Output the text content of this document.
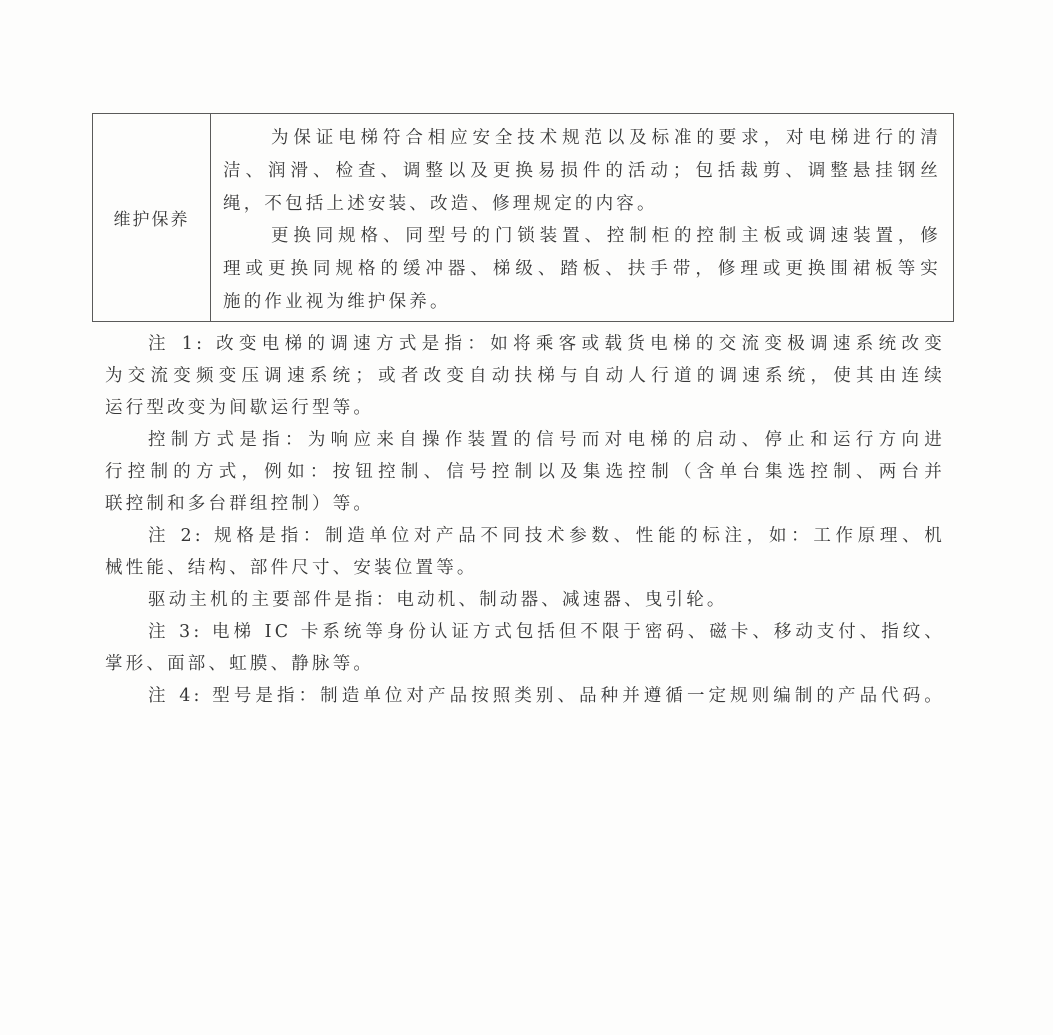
维护保养
为保证电梯符合相应安全技术规范以及标准的要求，对电梯进行的清
洁、润滑、检查、调整以及更换易损件的活动；包括裁剪、调整悬挂钢丝
绳，不包括上述安装、改造、修理规定的内容。
更换同规格、同型号的门锁装置、控制柜的控制主板或调速装置，修
理或更换同规格的缓冲器、梯级、踏板、扶手带，修理或更换围裙板等实
施的作业视为维护保养。
注 1: 改变电梯的调速方式是指：如将乘客或载货电梯的交流变极调速系统改变
为交流变频变压调速系统；或者改变自动扶梯与自动人行道的调速系统，使其由连续
运行型改变为间歇运行型等。
控制方式是指：为响应来自操作装置的信号而对电梯的启动、停止和运行方向进
行控制的方式，例如：按钮控制、信号控制以及集选控制（含单台集选控制、两台并
联控制和多台群组控制）等。
注 2: 规格是指：制造单位对产品不同技术参数、性能的标注，如：工作原理、机
械性能、结构、部件尺寸、安装位置等。
驱动主机的主要部件是指：电动机、制动器、减速器、曳引轮。
注 3: 电梯 IC 卡系统等身份认证方式包括但不限于密码、磁卡、移动支付、指纹、
掌形、面部、虹膜、静脉等。
注 4: 型号是指：制造单位对产品按照类别、品种并遵循一定规则编制的产品代码。
